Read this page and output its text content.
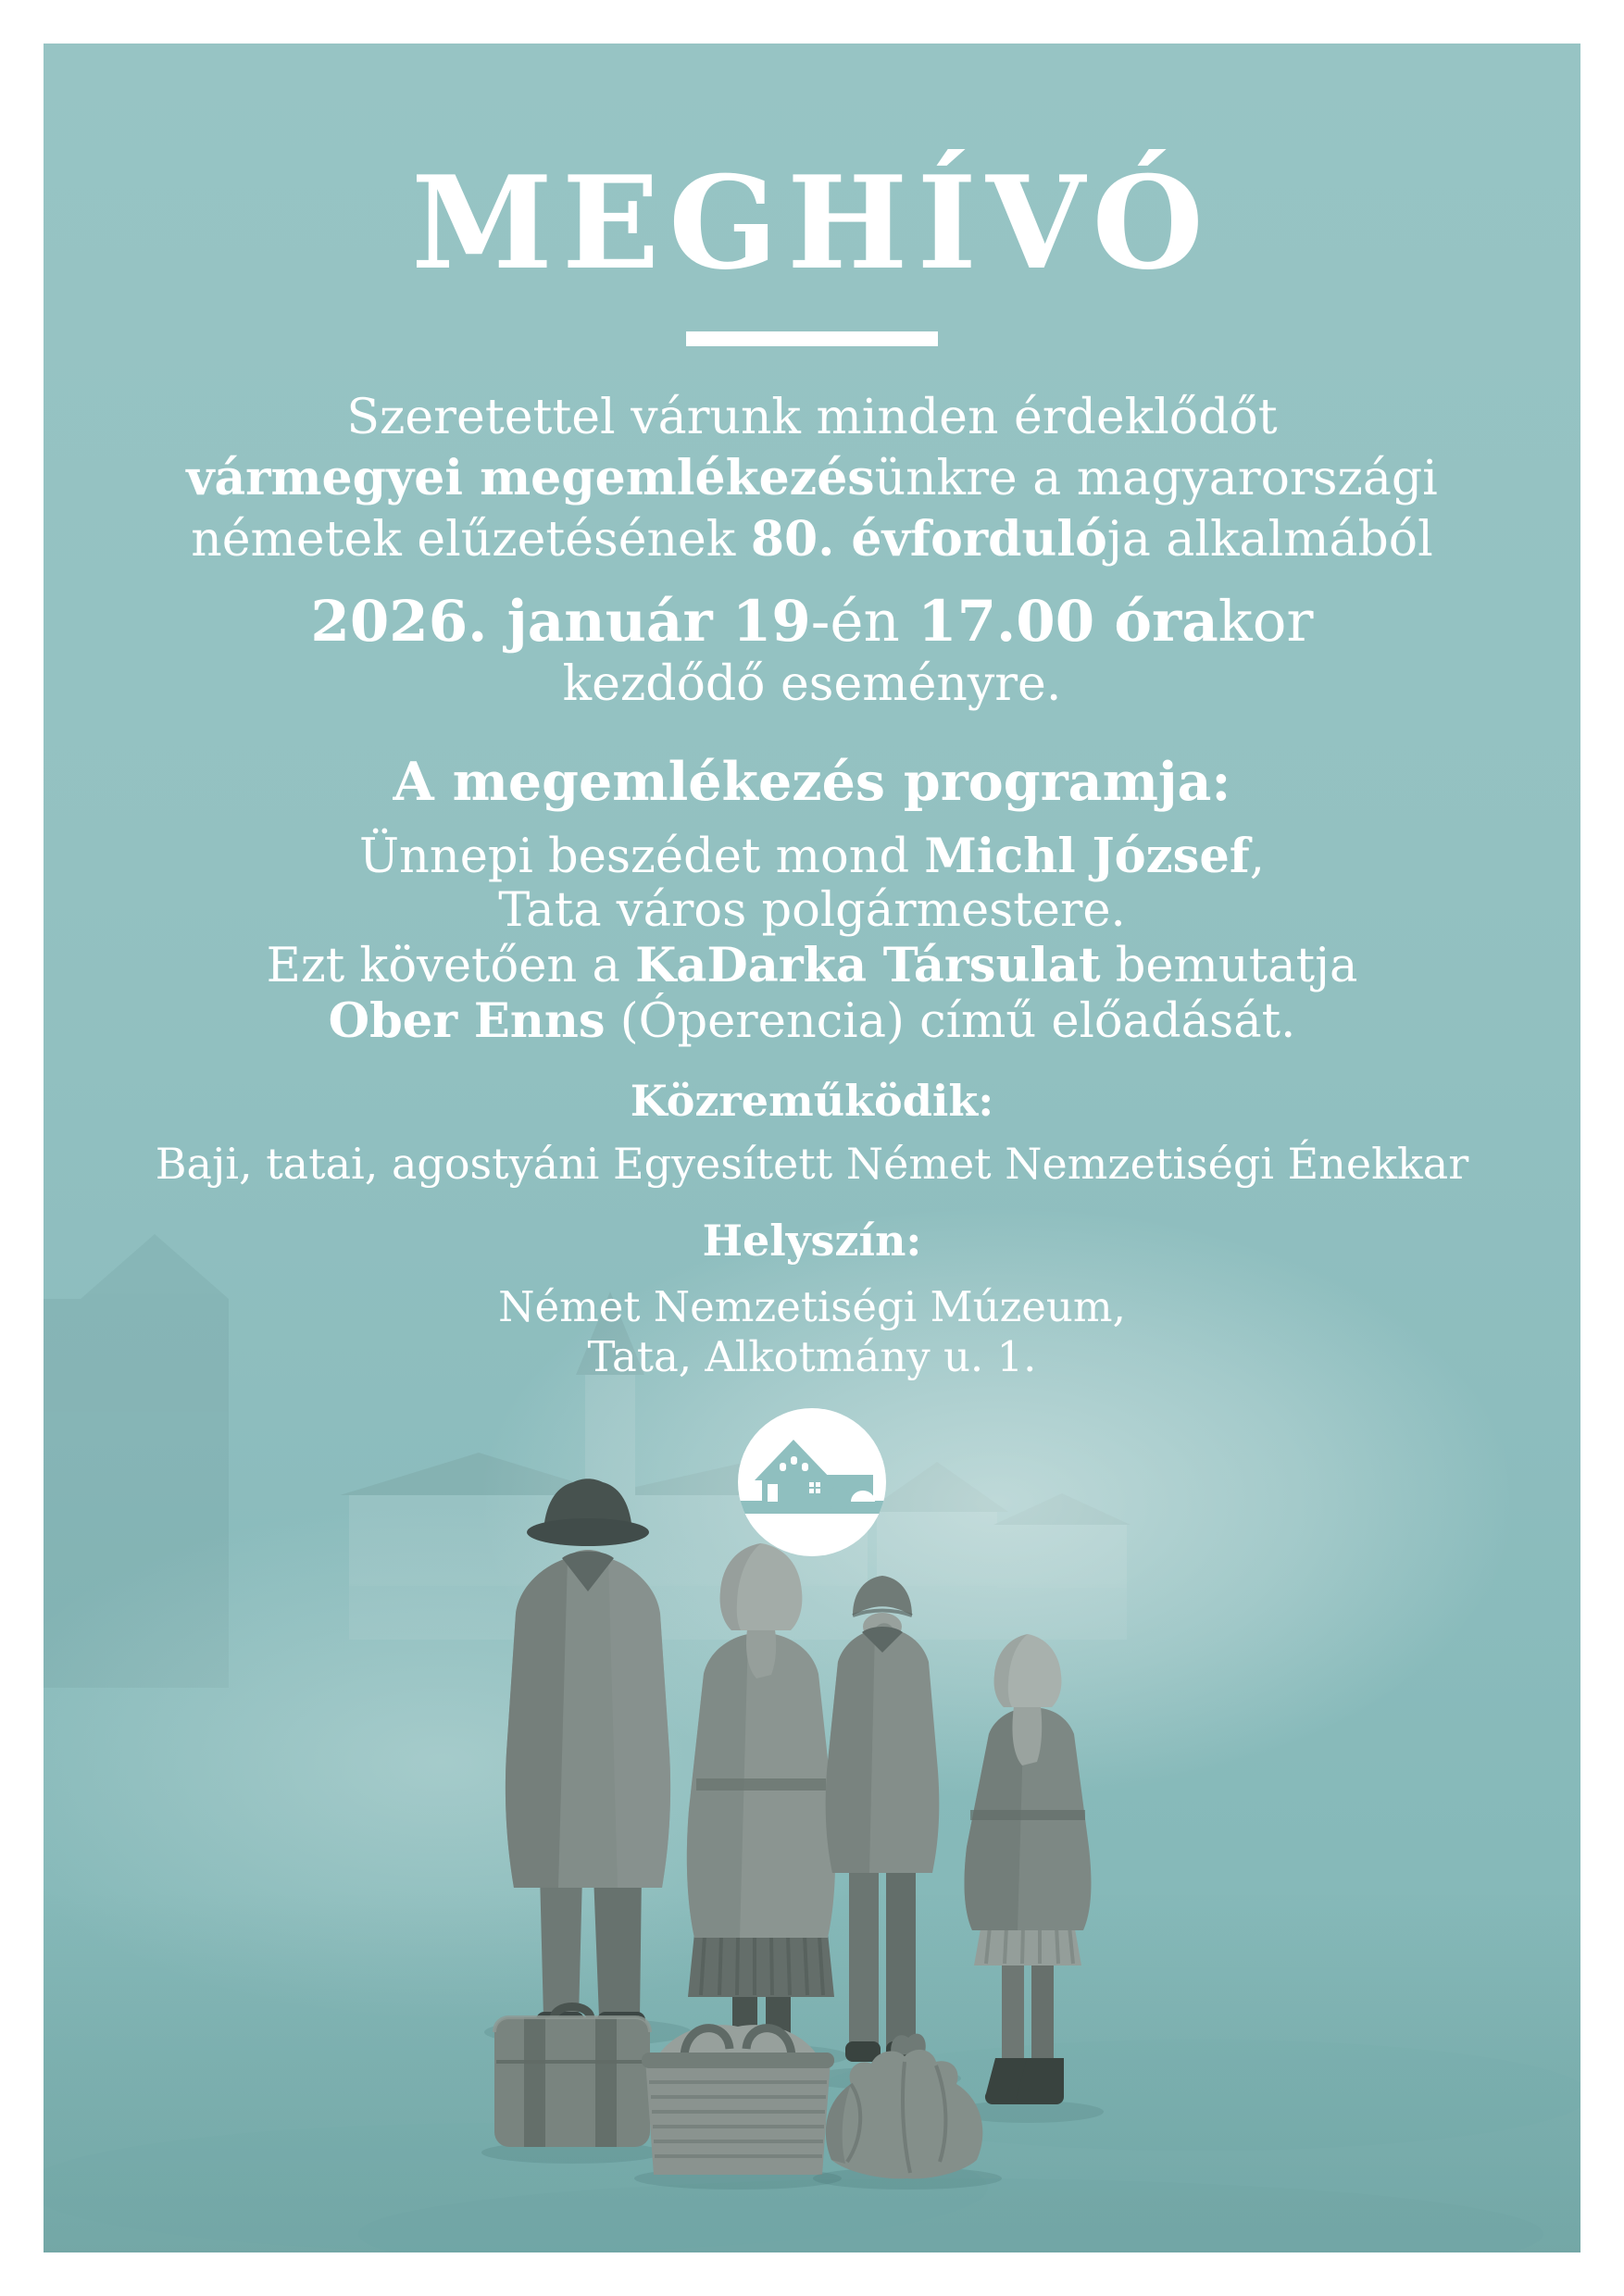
MEGHÍVÓ

Szeretettel várunk minden érdeklődőt
vármegyei megemlékezésünkre a magyarországi
németek elűzetésének 80. évfordulója alkalmából

2026. január 19-én 17.00 órakor

kezdődő eseményre.

A megemlékezés programja:

Ünnepi beszédet mond Michl József,
Tata város polgármestere.
Ezt követően a KaDarka Társulat bemutatja
Ober Enns (Óperencia) című előadását.

Közreműködik:

Baji, tatai, agostyáni Egyesített Német Nemzetiségi Énekkar

Helyszín:

Német Nemzetiségi Múzeum,
Tata, Alkotmány u. 1.
